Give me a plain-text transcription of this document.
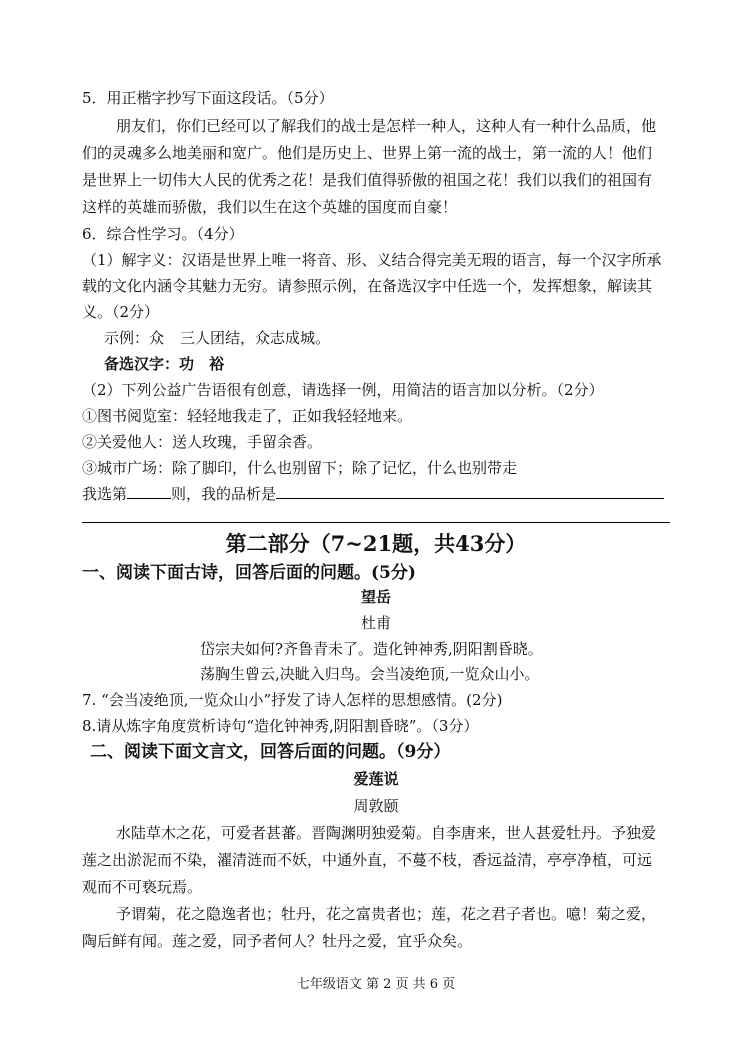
5．用正楷字抄写下面这段话。（5分）
朋友们，你们已经可以了解我们的战士是怎样一种人，这种人有一种什么品质，他
们的灵魂多么地美丽和宽广。他们是历史上、世界上第一流的战士，第一流的人！他们
是世界上一切伟大人民的优秀之花！是我们值得骄傲的祖国之花！我们以我们的祖国有
这样的英雄而骄傲，我们以生在这个英雄的国度而自豪！
6．综合性学习。（4分）
（1）解字义：汉语是世界上唯一将音、形、义结合得完美无瑕的语言，每一个汉字所承
载的文化内涵令其魅力无穷。请参照示例，在备选汉字中任选一个，发挥想象，解读其
义。（2分）
示例：众 三人团结，众志成城。
备选汉字：功　裕
（2）下列公益广告语很有创意，请选择一例，用简洁的语言加以分析。（2分）
①图书阅览室：轻轻地我走了，正如我轻轻地来。
②关爱他人：送人玫瑰，手留余香。
③城市广场：除了脚印，什么也别留下；除了记忆，什么也别带走
我选第	则，我的品析是
第二部分（7~21题，共43分）
一、阅读下面古诗，回答后面的问题。(5分)
望岳
杜甫
岱宗夫如何?齐鲁青未了。造化钟神秀,阴阳割昏晓。
荡胸生曾云,决眦入归鸟。会当凌绝顶,一览众山小。
7. “会当凌绝顶,一览众山小”抒发了诗人怎样的思想感情。(2分)
8.请从炼字角度赏析诗句“造化钟神秀,阴阳割昏晓”。（3分）
二、阅读下面文言文，回答后面的问题。（9分）
爱莲说
周敦颐
水陆草木之花，可爱者甚蕃。晋陶渊明独爱菊。自李唐来，世人甚爱牡丹。予独爱
莲之出淤泥而不染，濯清涟而不妖，中通外直，不蔓不枝，香远益清，亭亭净植，可远
观而不可亵玩焉。
予谓菊，花之隐逸者也；牡丹，花之富贵者也；莲，花之君子者也。噫！菊之爱，
陶后鲜有闻。莲之爱，同予者何人？牡丹之爱，宜乎众矣。
七年级语文 第 2 页 共 6 页
